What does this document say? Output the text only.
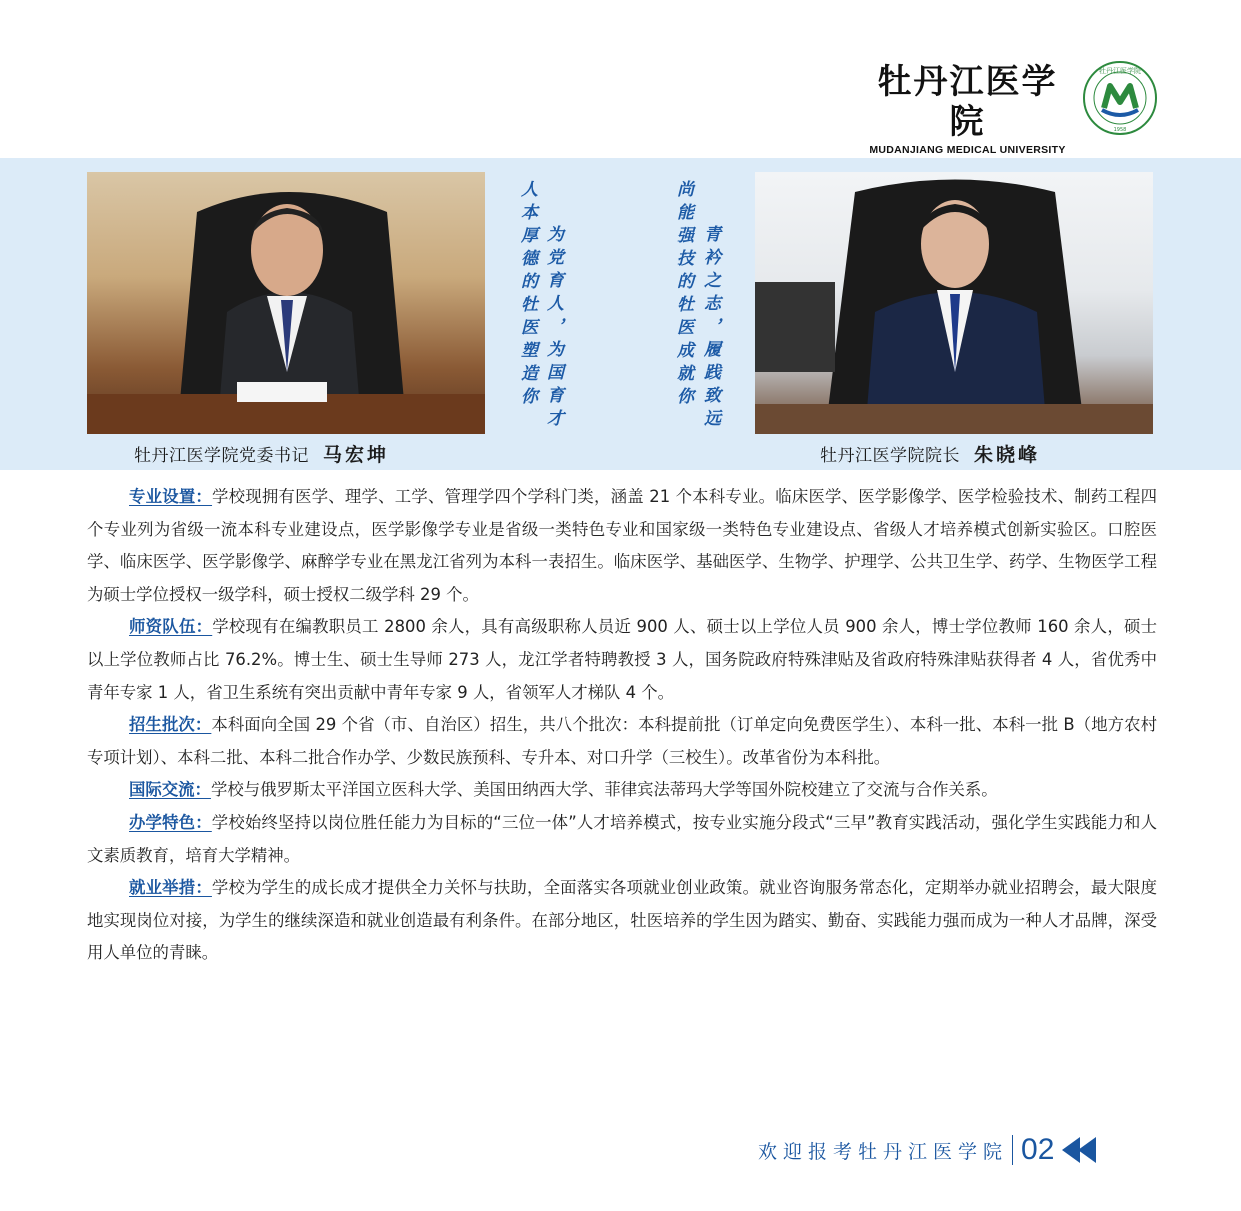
牡丹江医学院
MUDANJIANG MEDICAL UNIVERSITY
牡丹江医学院
1958
为党育人，为国育才
人本厚德的牡医塑造你	青衿之志，履践致远
尚能强技的牡医成就你
牡丹江医学院党委书记 马宏坤	牡丹江医学院院长 朱晓峰

专业设置：学校现拥有医学、理学、工学、管理学四个学科门类，涵盖 21 个本科专业。临床医学、医学影像学、医学检验技术、制药工程四个专业列为省级一流本科专业建设点，医学影像学专业是省级一类特色专业和国家级一类特色专业建设点、省级人才培养模式创新实验区。口腔医学、临床医学、医学影像学、麻醉学专业在黑龙江省列为本科一表招生。临床医学、基础医学、生物学、护理学、公共卫生学、药学、生物医学工程为硕士学位授权一级学科，硕士授权二级学科 29 个。

师资队伍：学校现有在编教职员工 2800 余人，具有高级职称人员近 900 人、硕士以上学位人员 900 余人，博士学位教师 160 余人，硕士以上学位教师占比 76.2%。博士生、硕士生导师 273 人，龙江学者特聘教授 3 人，国务院政府特殊津贴及省政府特殊津贴获得者 4 人，省优秀中青年专家 1 人，省卫生系统有突出贡献中青年专家 9 人，省领军人才梯队 4 个。

招生批次：本科面向全国 29 个省（市、自治区）招生，共八个批次：本科提前批（订单定向免费医学生）、本科一批、本科一批 B（地方农村专项计划）、本科二批、本科二批合作办学、少数民族预科、专升本、对口升学（三校生）。改革省份为本科批。

国际交流：学校与俄罗斯太平洋国立医科大学、美国田纳西大学、菲律宾法蒂玛大学等国外院校建立了交流与合作关系。

办学特色：学校始终坚持以岗位胜任能力为目标的“三位一体”人才培养模式，按专业实施分段式“三早”教育实践活动，强化学生实践能力和人文素质教育，培育大学精神。

就业举措：学校为学生的成长成才提供全力关怀与扶助，全面落实各项就业创业政策。就业咨询服务常态化，定期举办就业招聘会，最大限度地实现岗位对接，为学生的继续深造和就业创造最有利条件。在部分地区，牡医培养的学生因为踏实、勤奋、实践能力强而成为一种人才品牌，深受用人单位的青睐。

欢迎报考牡丹江医学院 02
